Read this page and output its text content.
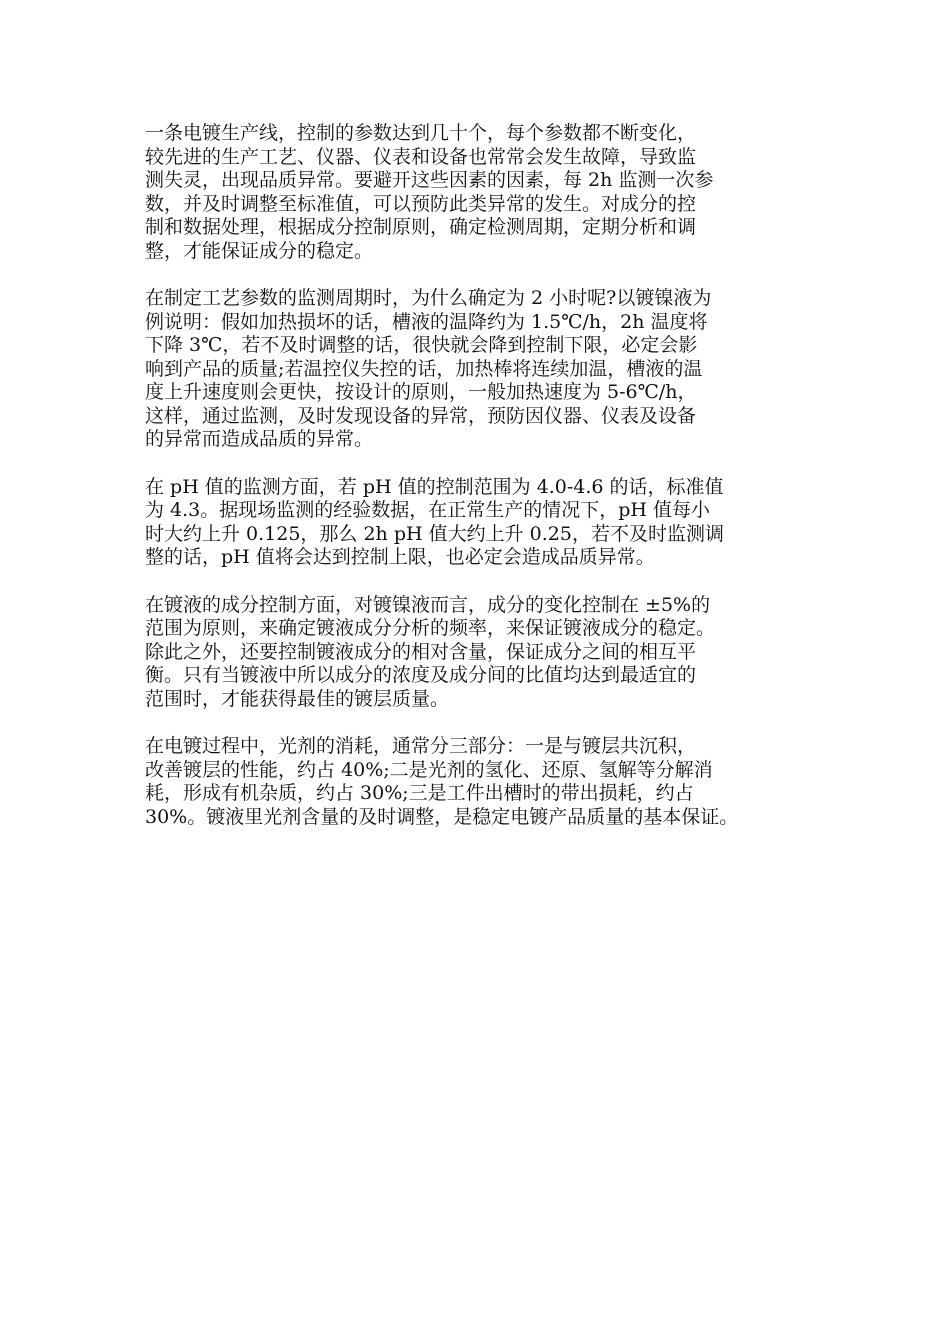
一条电镀生产线，控制的参数达到几十个，每个参数都不断变化，
较先进的生产工艺、仪器、仪表和设备也常常会发生故障，导致监
测失灵，出现品质异常。要避开这些因素的因素，每 2h 监测一次参
数，并及时调整至标准值，可以预防此类异常的发生。对成分的控
制和数据处理，根据成分控制原则，确定检测周期，定期分析和调
整，才能保证成分的稳定。

在制定工艺参数的监测周期时，为什么确定为 2 小时呢?以镀镍液为
例说明：假如加热损坏的话，槽液的温降约为 1.5℃/h，2h 温度将
下降 3℃，若不及时调整的话，很快就会降到控制下限，必定会影
响到产品的质量;若温控仪失控的话，加热棒将连续加温，槽液的温
度上升速度则会更快，按设计的原则，一般加热速度为 5-6℃/h，
这样，通过监测，及时发现设备的异常，预防因仪器、仪表及设备
的异常而造成品质的异常。

在 pH 值的监测方面，若 pH 值的控制范围为 4.0-4.6 的话，标准值
为 4.3。据现场监测的经验数据，在正常生产的情况下，pH 值每小
时大约上升 0.125，那么 2h pH 值大约上升 0.25，若不及时监测调
整的话，pH 值将会达到控制上限，也必定会造成品质异常。

在镀液的成分控制方面，对镀镍液而言，成分的变化控制在 ±5%的
范围为原则，来确定镀液成分分析的频率，来保证镀液成分的稳定。
除此之外，还要控制镀液成分的相对含量，保证成分之间的相互平
衡。只有当镀液中所以成分的浓度及成分间的比值均达到最适宜的
范围时，才能获得最佳的镀层质量。

在电镀过程中，光剂的消耗，通常分三部分：一是与镀层共沉积，
改善镀层的性能，约占 40%;二是光剂的氢化、还原、氢解等分解消
耗，形成有机杂质，约占 30%;三是工件出槽时的带出损耗，约占
30%。镀液里光剂含量的及时调整，是稳定电镀产品质量的基本保证。
